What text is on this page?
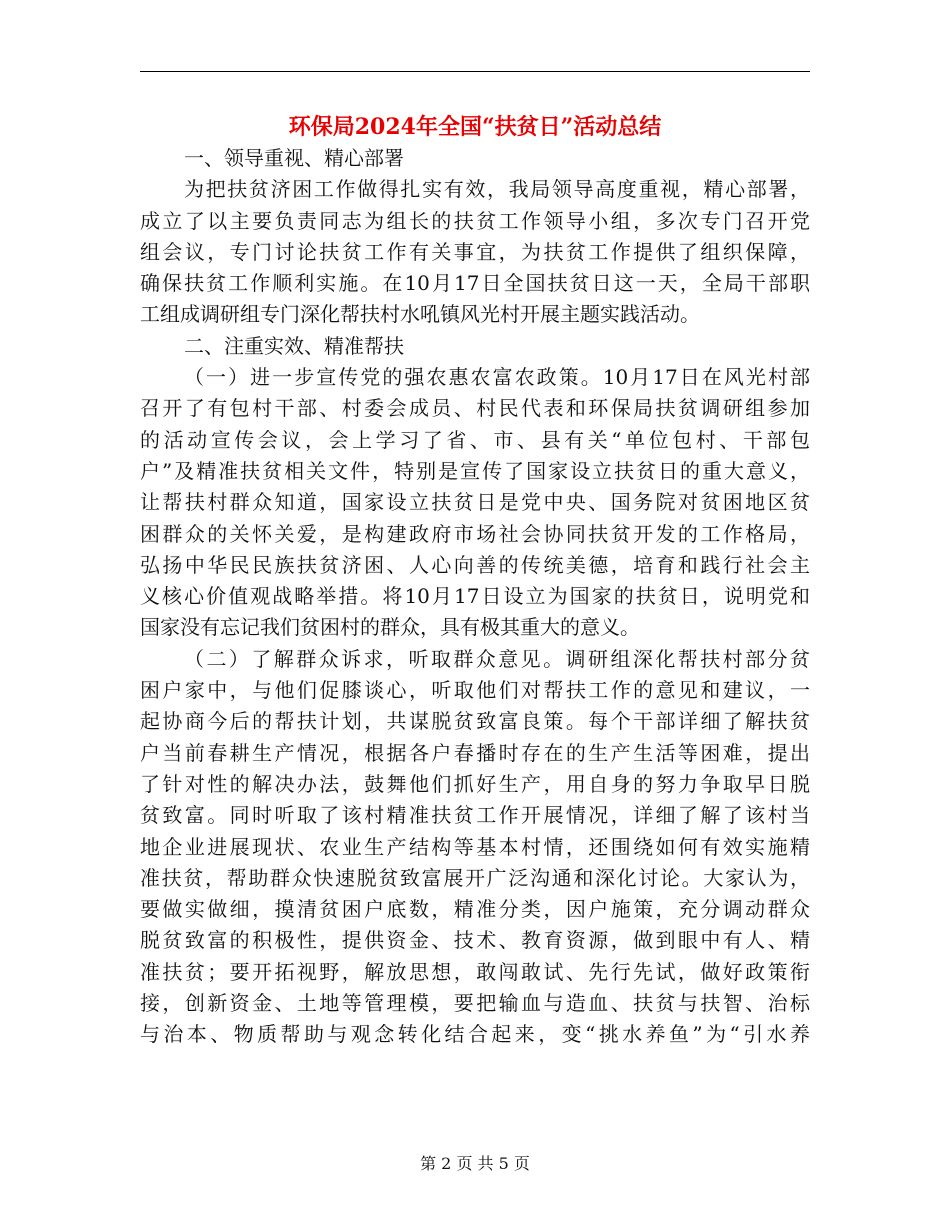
环保局2024年全国“扶贫日”活动总结
一、领导重视、精心部署
为把扶贫济困工作做得扎实有效，我局领导高度重视，精心部署，
成立了以主要负责同志为组长的扶贫工作领导小组，多次专门召开党
组会议，专门讨论扶贫工作有关事宜，为扶贫工作提供了组织保障，
确保扶贫工作顺利实施。在10月17日全国扶贫日这一天，全局干部职
工组成调研组专门深化帮扶村水吼镇风光村开展主题实践活动。
二、注重实效、精准帮扶
（一）进一步宣传党的强农惠农富农政策。10月17日在风光村部
召开了有包村干部、村委会成员、村民代表和环保局扶贫调研组参加
的活动宣传会议，会上学习了省、市、县有关“单位包村、干部包
户”及精准扶贫相关文件，特别是宣传了国家设立扶贫日的重大意义，
让帮扶村群众知道，国家设立扶贫日是党中央、国务院对贫困地区贫
困群众的关怀关爱，是构建政府市场社会协同扶贫开发的工作格局，
弘扬中华民民族扶贫济困、人心向善的传统美德，培育和践行社会主
义核心价值观战略举措。将10月17日设立为国家的扶贫日，说明党和
国家没有忘记我们贫困村的群众，具有极其重大的意义。
（二）了解群众诉求，听取群众意见。调研组深化帮扶村部分贫
困户家中，与他们促膝谈心，听取他们对帮扶工作的意见和建议，一
起协商今后的帮扶计划，共谋脱贫致富良策。每个干部详细了解扶贫
户当前春耕生产情况，根据各户春播时存在的生产生活等困难，提出
了针对性的解决办法，鼓舞他们抓好生产，用自身的努力争取早日脱
贫致富。同时听取了该村精准扶贫工作开展情况，详细了解了该村当
地企业进展现状、农业生产结构等基本村情，还围绕如何有效实施精
准扶贫，帮助群众快速脱贫致富展开广泛沟通和深化讨论。大家认为，
要做实做细，摸清贫困户底数，精准分类，因户施策，充分调动群众
脱贫致富的积极性，提供资金、技术、教育资源，做到眼中有人、精
准扶贫；要开拓视野，解放思想，敢闯敢试、先行先试，做好政策衔
接，创新资金、土地等管理模，要把输血与造血、扶贫与扶智、治标
与治本、物质帮助与观念转化结合起来，变“挑水养鱼”为“引水养
第 2 页 共 5 页
